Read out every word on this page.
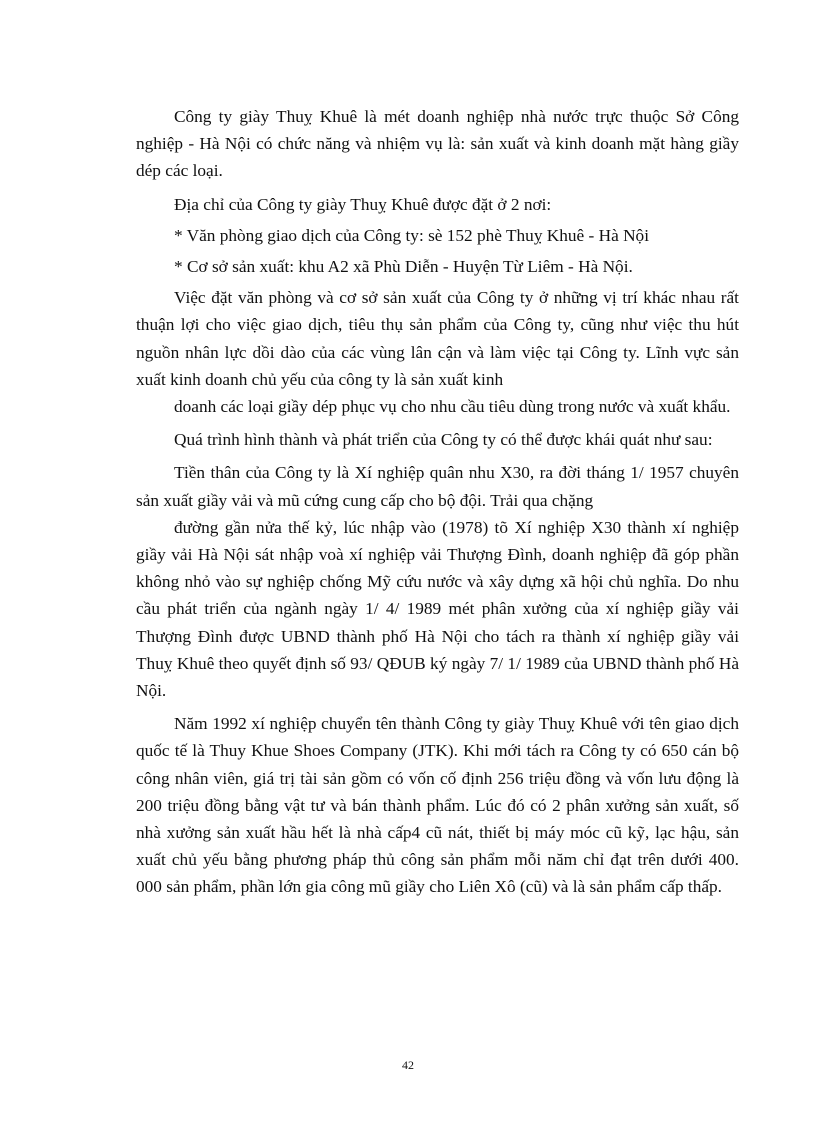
Công ty giày Thuỵ Khuê là mét doanh nghiệp nhà nước trực thuộc Sở Công nghiệp - Hà Nội có chức năng và nhiệm vụ là: sản xuất và kinh doanh mặt hàng giầy dép các loại.

Địa chỉ của Công ty giày Thuỵ Khuê được đặt ở 2 nơi:

* Văn phòng giao dịch của Công ty: sè 152 phè Thuỵ Khuê - Hà Nội

* Cơ sở sản xuất: khu A2 xã Phù Diễn - Huyện Từ Liêm - Hà Nội.

Việc đặt văn phòng và cơ sở sản xuất của Công ty ở những vị trí khác nhau rất thuận lợi cho việc giao dịch, tiêu thụ sản phẩm của Công ty, cũng như việc thu hút nguồn nhân lực dồi dào của các vùng lân cận và làm việc tại Công ty. Lĩnh vực sản xuất kinh doanh chủ yếu của công ty là sản xuất kinh

doanh các loại giầy dép phục vụ cho nhu cầu tiêu dùng trong nước và xuất khẩu.

Quá trình hình thành và phát triển của Công ty có thể được khái quát như sau:

Tiền thân của Công ty là Xí nghiệp quân nhu X30, ra đời tháng 1/ 1957 chuyên sản xuất giầy vải và mũ cứng cung cấp cho bộ đội. Trải qua chặng

đường gần nửa thế kỷ, lúc nhập vào (1978) tõ Xí nghiệp X30 thành xí nghiệp giầy vải Hà Nội sát nhập voà xí nghiệp vải Thượng Đình, doanh nghiệp đã góp phần không nhỏ vào sự nghiệp chống Mỹ cứu nước và xây dựng xã hội chủ nghĩa. Do nhu cầu phát triển của ngành ngày 1/ 4/ 1989 mét phân xưởng của xí nghiệp giầy vải Thượng Đình được UBND thành phố Hà Nội cho tách ra thành xí nghiệp giầy vải Thuỵ Khuê theo quyết định số 93/ QĐUB ký ngày 7/ 1/ 1989 của UBND thành phố Hà Nội.

Năm 1992 xí nghiệp chuyển tên thành Công ty giày Thuỵ Khuê với tên giao dịch quốc tế là Thuy Khue Shoes Company (JTK). Khi mới tách ra Công ty có 650 cán bộ công nhân viên, giá trị tài sản gồm có vốn cố định 256 triệu đồng và vốn lưu động là 200 triệu đồng bằng vật tư và bán thành phẩm. Lúc đó có 2 phân xưởng sản xuất, số nhà xưởng sản xuất hầu hết là nhà cấp4 cũ nát, thiết bị máy móc cũ kỹ, lạc hậu, sản xuất chủ yếu bằng phương pháp thủ công sản phẩm mỗi năm chỉ đạt trên dưới 400. 000 sản phẩm, phần lớn gia công mũ giầy cho Liên Xô (cũ) và là sản phẩm cấp thấp.

42
